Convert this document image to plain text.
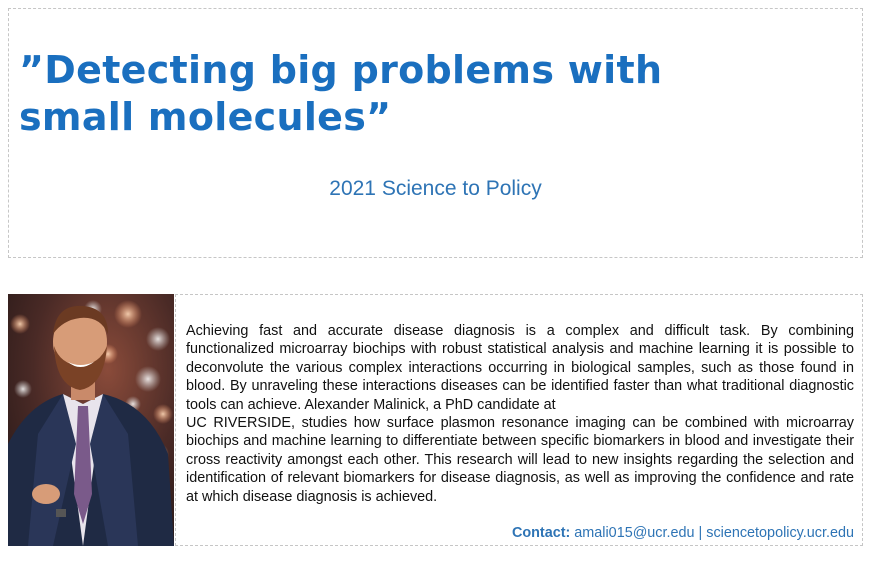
”Detecting big problems with
small molecules”
2021 Science to Policy

Achieving fast and accurate disease diagnosis is a complex and difficult task. By combining functionalized microarray biochips with robust statistical analysis and machine learning it is possible to deconvolute the various complex interactions occurring in biological samples, such as those found in blood. By unraveling these interactions diseases can be identified faster than what traditional diagnostic tools can achieve. Alexander Malinick, a PhD candidate at
UC RIVERSIDE, studies how surface plasmon resonance imaging can be combined with microarray biochips and machine learning to differentiate between specific biomarkers in blood and investigate their cross reactivity amongst each other. This research will lead to new insights regarding the selection and identification of relevant biomarkers for disease diagnosis, as well as improving the confidence and rate at which disease diagnosis is achieved.

Contact: amali015@ucr.edu | sciencetopolicy.ucr.edu
